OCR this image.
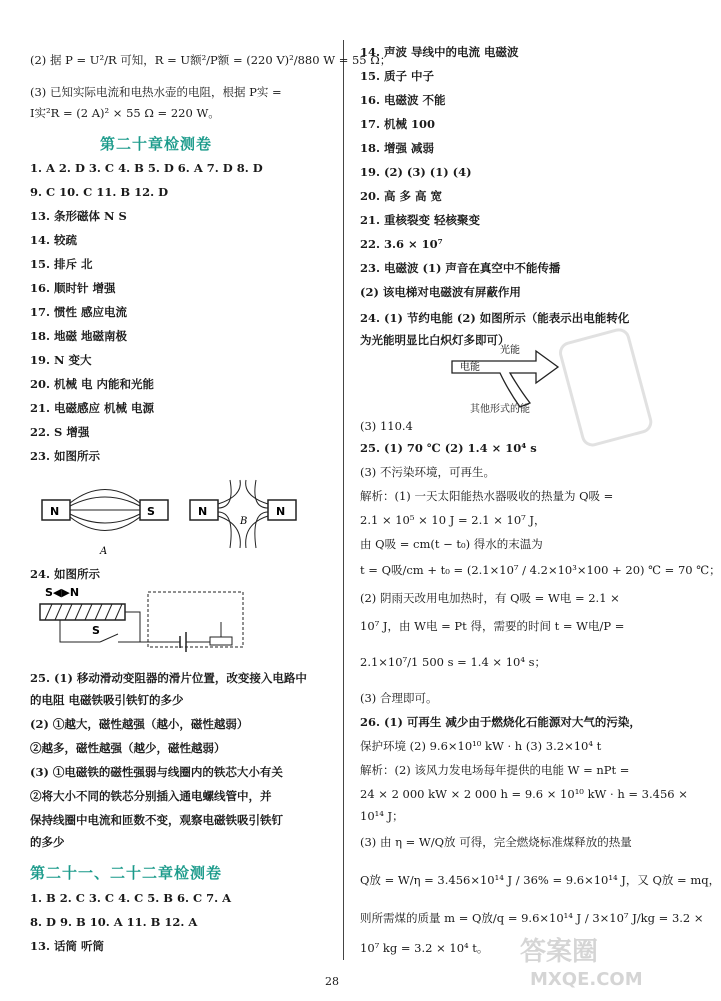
(2) 据 P = U²/R 可知，R = U额²/P额 = (220 V)²/880 W = 55 Ω；
(3) 已知实际电流和电热水壶的电阻，根据 P实 =
I实²R = (2 A)² × 55 Ω = 220 W。
第二十章检测卷
1. A 2. D 3. C 4. B 5. D 6. A 7. D 8. D
9. C 10. C 11. B 12. D
13. 条形磁体 N S
14. 较疏
15. 排斥 北
16. 顺时针 增强
17. 惯性 感应电流
18. 地磁 地磁南极
19. N 变大
20. 机械 电 内能和光能
21. 电磁感应 机械 电源
22. S 增强
23. 如图所示
N	S
A
N	N
B
24. 如图所示
S◀▶N
S
25. (1) 移动滑动变阻器的滑片位置，改变接入电路中
的电阻 电磁铁吸引铁钉的多少
(2) ①越大，磁性越强（越小，磁性越弱）
②越多，磁性越强（越少，磁性越弱）
(3) ①电磁铁的磁性强弱与线圈内的铁芯大小有关
②将大小不同的铁芯分别插入通电螺线管中，并
保持线圈中电流和匝数不变，观察电磁铁吸引铁钉
的多少
第二十一、二十二章检测卷
1. B 2. C 3. C 4. C 5. B 6. C 7. A
8. D 9. B 10. A 11. B 12. A
13. 话筒 听筒
14. 声波 导线中的电流 电磁波
15. 质子 中子
16. 电磁波 不能
17. 机械 100
18. 增强 减弱
19. (2) (3) (1) (4)
20. 高 多 高 宽
21. 重核裂变 轻核聚变
22. 3.6 × 10⁷
23. 电磁波 (1) 声音在真空中不能传播
(2) 该电梯对电磁波有屏蔽作用
24. (1) 节约电能 (2) 如图所示（能表示出电能转化
为光能明显比白炽灯多即可）
光能
电能
其他形式的能
(3) 110.4
25. (1) 70 ℃ (2) 1.4 × 10⁴ s
(3) 不污染环境，可再生。
解析：(1) 一天太阳能热水器吸收的热量为 Q吸 =
2.1 × 10⁵ × 10 J = 2.1 × 10⁷ J，
由 Q吸 = cm(t − t₀) 得水的末温为
t = Q吸/cm + t₀ = (2.1×10⁷ / 4.2×10³×100 + 20) ℃ = 70 ℃；
(2) 阴雨天改用电加热时，有 Q吸 = W电 = 2.1 ×
10⁷ J，由 W电 = Pt 得，需要的时间 t = W电/P =
2.1×10⁷/1 500 s = 1.4 × 10⁴ s；
(3) 合理即可。
26. (1) 可再生 减少由于燃烧化石能源对大气的污染，
保护环境 (2) 9.6×10¹⁰ kW · h (3) 3.2×10⁴ t
解析：(2) 该风力发电场每年提供的电能 W = nPt =
24 × 2 000 kW × 2 000 h = 9.6 × 10¹⁰ kW · h = 3.456 ×
10¹⁴ J；
(3) 由 η = W/Q放 可得，完全燃烧标准煤释放的热量
Q放 = W/η = 3.456×10¹⁴ J / 36% = 9.6×10¹⁴ J，又 Q放 = mq，
则所需煤的质量 m = Q放/q = 9.6×10¹⁴ J / 3×10⁷ J/kg = 3.2 ×
10⁷ kg = 3.2 × 10⁴ t。 答案圈
MXQE.COM
28
